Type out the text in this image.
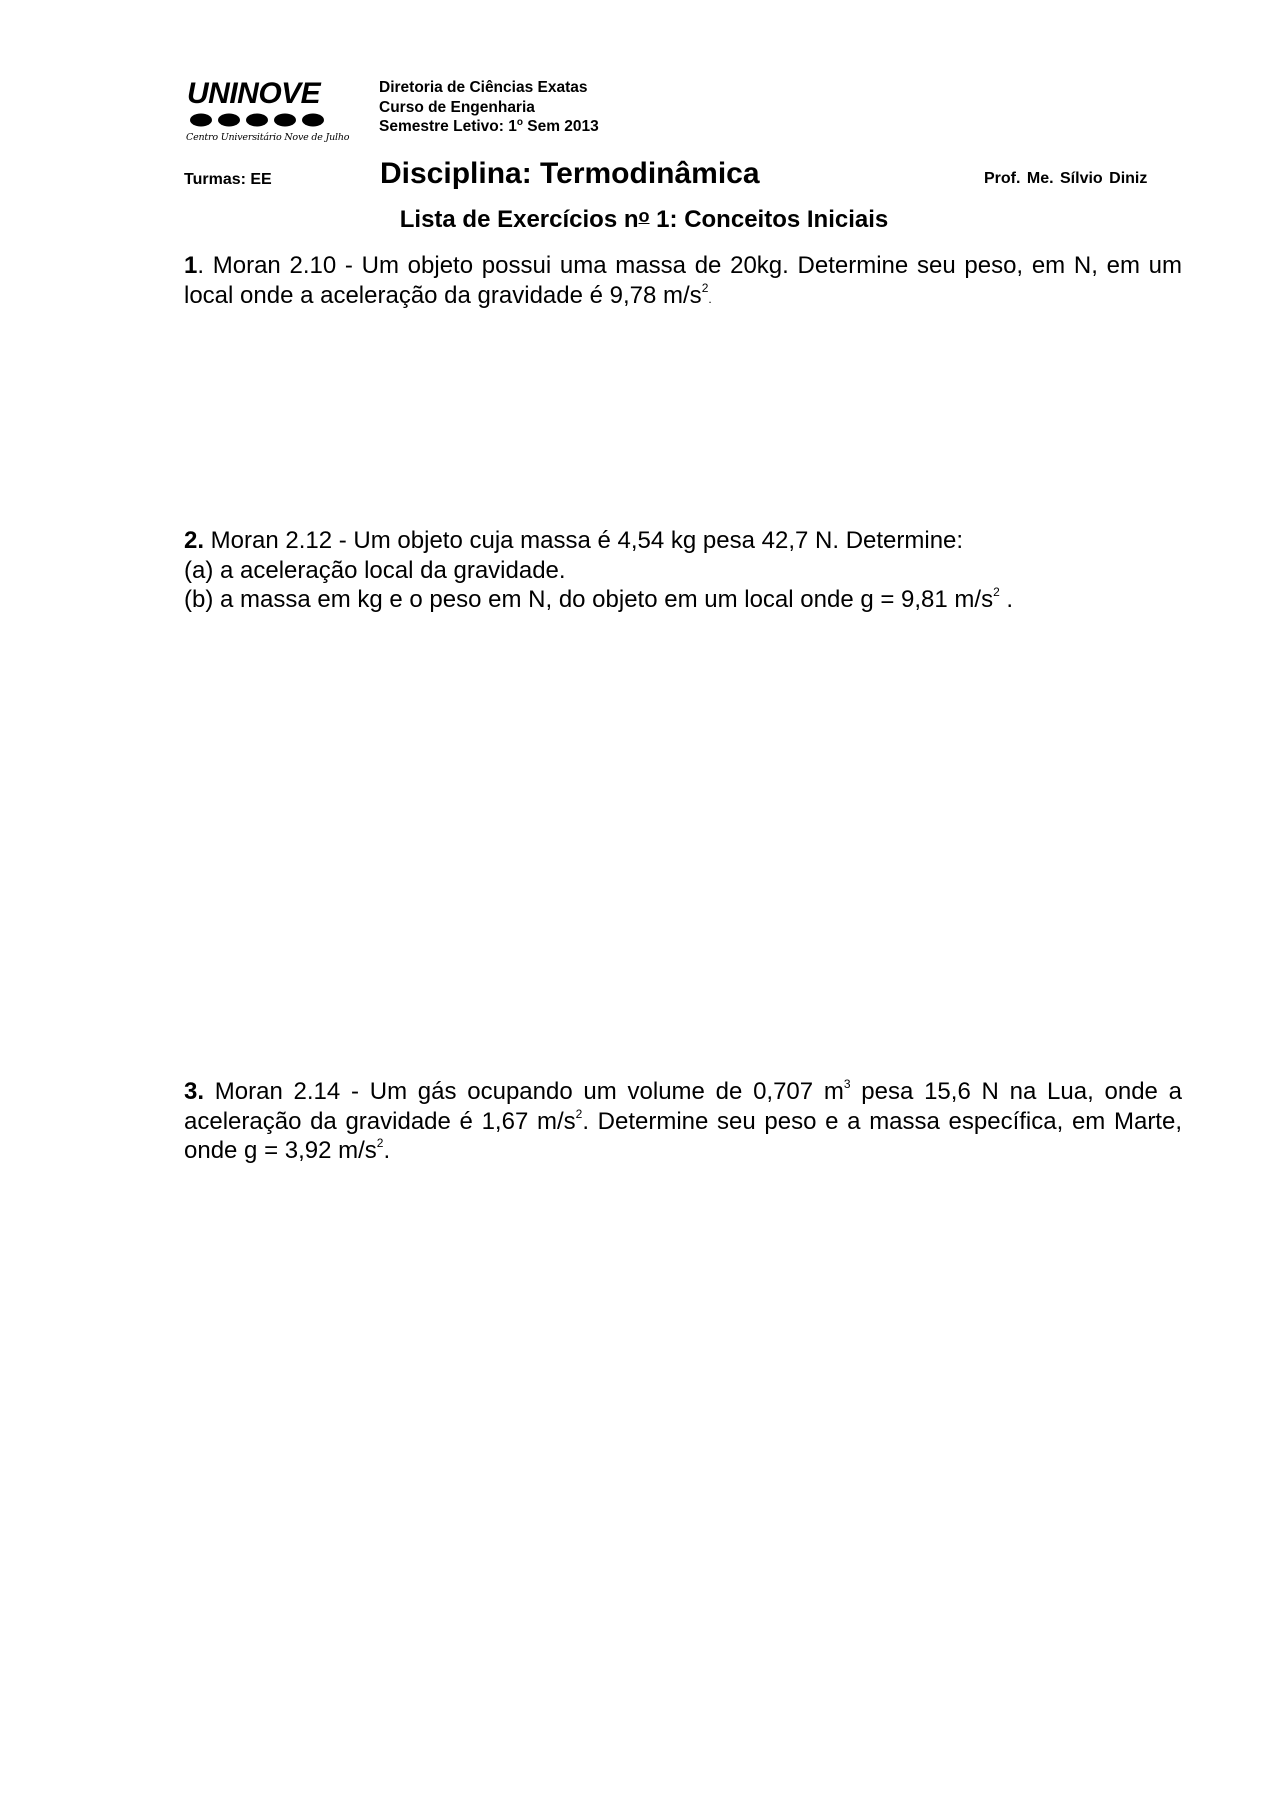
UNINOVE
Centro Universitário Nove de Julho
Diretoria de Ciências Exatas
Curso de Engenharia
Semestre Letivo: 1$^o$ Sem 2013
Turmas: EE	Disciplina: Termodinâmica	Prof. Me. Sílvio Diniz
Lista de Exercícios $n^o$ 1: Conceitos Iniciais

1. Moran 2.10 - Um objeto possui uma massa de 20kg. Determine seu peso, em N, em um local onde a aceleração da gravidade é 9,78 $m/s^2$.

2. Moran 2.12 - Um objeto cuja massa é 4,54 kg pesa 42,7 N. Determine:

(a) a aceleração local da gravidade.

(b) a massa em kg e o peso em N, do objeto em um local onde g = 9,81 $m/s^2$ .

3. Moran 2.14 - Um gás ocupando um volume de 0,707 $m^3$ pesa 15,6 N na Lua, onde a aceleração da gravidade é 1,67 $m/s^2$. Determine seu peso e a massa específica, em Marte, onde g = 3,92 $m/s^2$.
